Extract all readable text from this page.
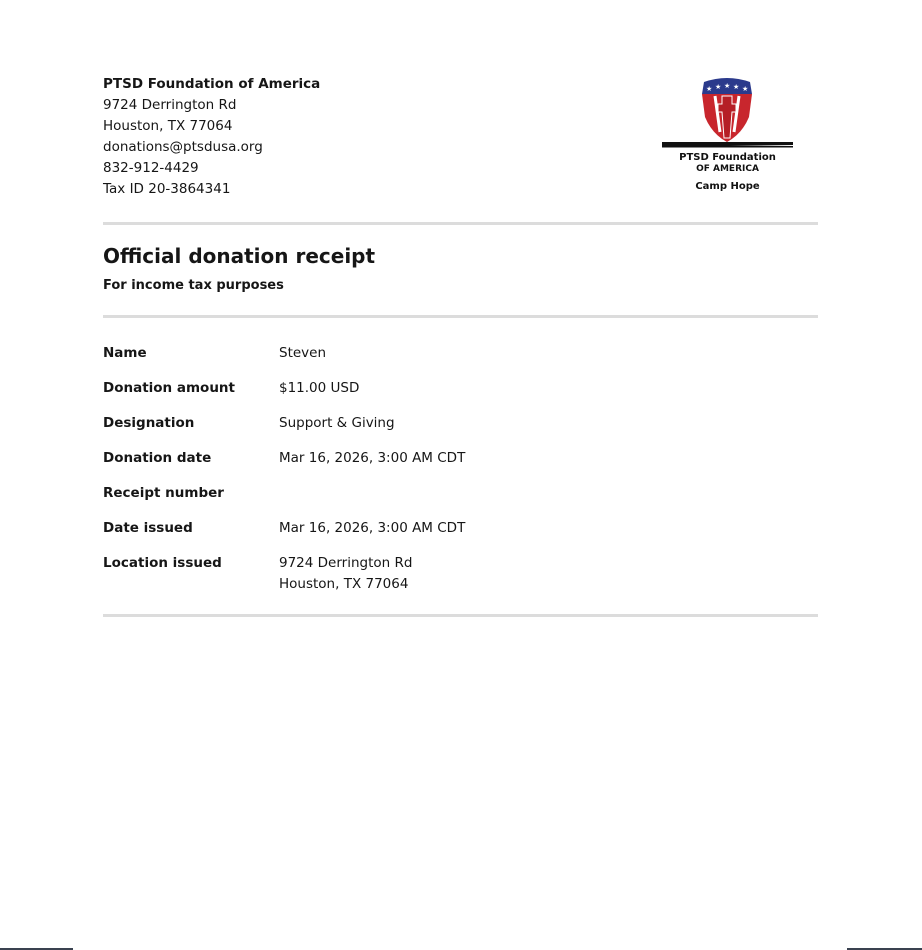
PTSD Foundation of America
9724 Derrington Rd
Houston, TX 77064
donations@ptsdusa.org
832-912-4429
Tax ID 20-3864341
★ ★ ★ ★ ★
PTSD Foundation
OF AMERICA
Camp Hope
Official donation receipt
For income tax purposes
Name	Steven
Donation amount	$11.00 USD
Designation	Support & Giving
Donation date	Mar 16, 2026, 3:00 AM CDT
Receipt number
Date issued	Mar 16, 2026, 3:00 AM CDT
Location issued	9724 Derrington Rd
Houston, TX 77064
